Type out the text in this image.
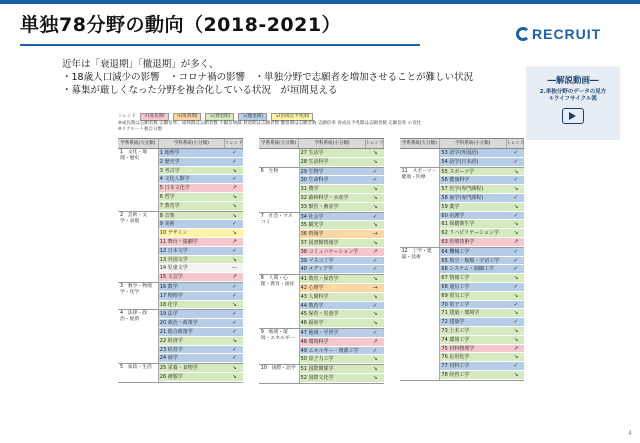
単独78分野の動向（2018-2021）	RECRUIT
近年は「衰退期」「撤退期」が多く、
・18歳人口減少の影響　・コロナ禍の影響　・単独分野で志願者を増加させることが難しい状況
・募集が厳しくなった分野を複合化している状況　が垣間見える
―解説動画―
2.単独分野のデータの見方
①ライフサイクル図
トレンド	↗(成長期)	→(成熟期)	↘(衰退期)	↘(撤退期)	↘(再成長予兆期)
※成長期は志願者数 志願倍率、成熟期は志願者数 小幅な増減 衰退期は志願者数 撤退期は志願者数 志願倍率 再成長予兆期は志願者数 志願倍率 の変化
※リクルート独自分類
学系系統(大分類)	学科系統(小分類)	トレンド
1　文化・地理・歴史
1 地理学	✓
2 歴史学	✓
3 考古学	↘
4 文化人類学	✓
5 日本文化学	↗
6 哲学	↘
7 教育学	↘
2　芸術・文学・表現
8 音楽	↘
9 美術	✓
10 デザイン	↘
11 舞台・演劇学	↗
12 日本文学	✓
13 外国文学	↘
14 児童文学	—
15 文芸学	↗
3　数学・物理学・化学
16 数学	✓
17 物理学	✓
18 化学	↘
4　法律・政治・経済
19 法学	✓
20 政治・政策学	✓
21 総合政策学	✓
22 経済学	↘
23 経営学	✓
24 商学	✓
5　家政・生活	25 栄養・食物学	↘
26 被服学	↘
学系系統(大分類)	学科系統(小分類)	トレンド
27 生活学	↘
28 生活科学	↘
6　生物	29 生物学	✓
30 生命科学	✓
31 農学	↘
32 森林科学・水産学	↘
33 獣医・畜産学	↘
7　社会・マスコミ
34 社会学	✓
35 観光学	↘
36 情報学	→
37 図書館情報学	↘
38 コミュニケーション学	↗
39 マスコミ学	✓
40 メディア学	✓
8　人間・心理・教育・福祉
41 教育・保育学	↘
42 心理学	→
43 人間科学	↘
44 教育学	✓
45 保育・児童学	↘
46 福祉学	↘
9　地域・環境・エネルギー
47 地域・学習学	✓
48 環境科学	↗
49 エネルギー・資源工学	✓
50 原子力工学	↘
10　国際・語学 51 国際関係学	↘
52 国際文化学	↘
学系系統(大分類)	学科系統(小分類)	トレンド
53 語学(外国語)	✓
54 語学(日本語)	✓
11　スポーツ・健康・医療
55 スポーツ学	↘
56 健康科学	✓
57 医学(専門課程)	↘
58 歯学(専門課程)	✓
59 薬学	↘
60 看護学	✓
61 保健衛生学	↘
62 リハビリテーション学	↘
63 医療技術学	↗
12　工学・建築・技術
64 機械工学	✓
65 航空・船舶・宇宙工学	✓
66 システム・制御工学	✓
67 情報工学	↘
68 通信工学	✓
69 電気工学	↘
70 電子工学	✓
71 建築・環境学	↘
72 建築学	✓
73 土木工学	↘
74 環境工学	↘
75 材料物理学	↗
76 応用化学	↘
77 材料工学	✓
78 経営工学	↘
4
